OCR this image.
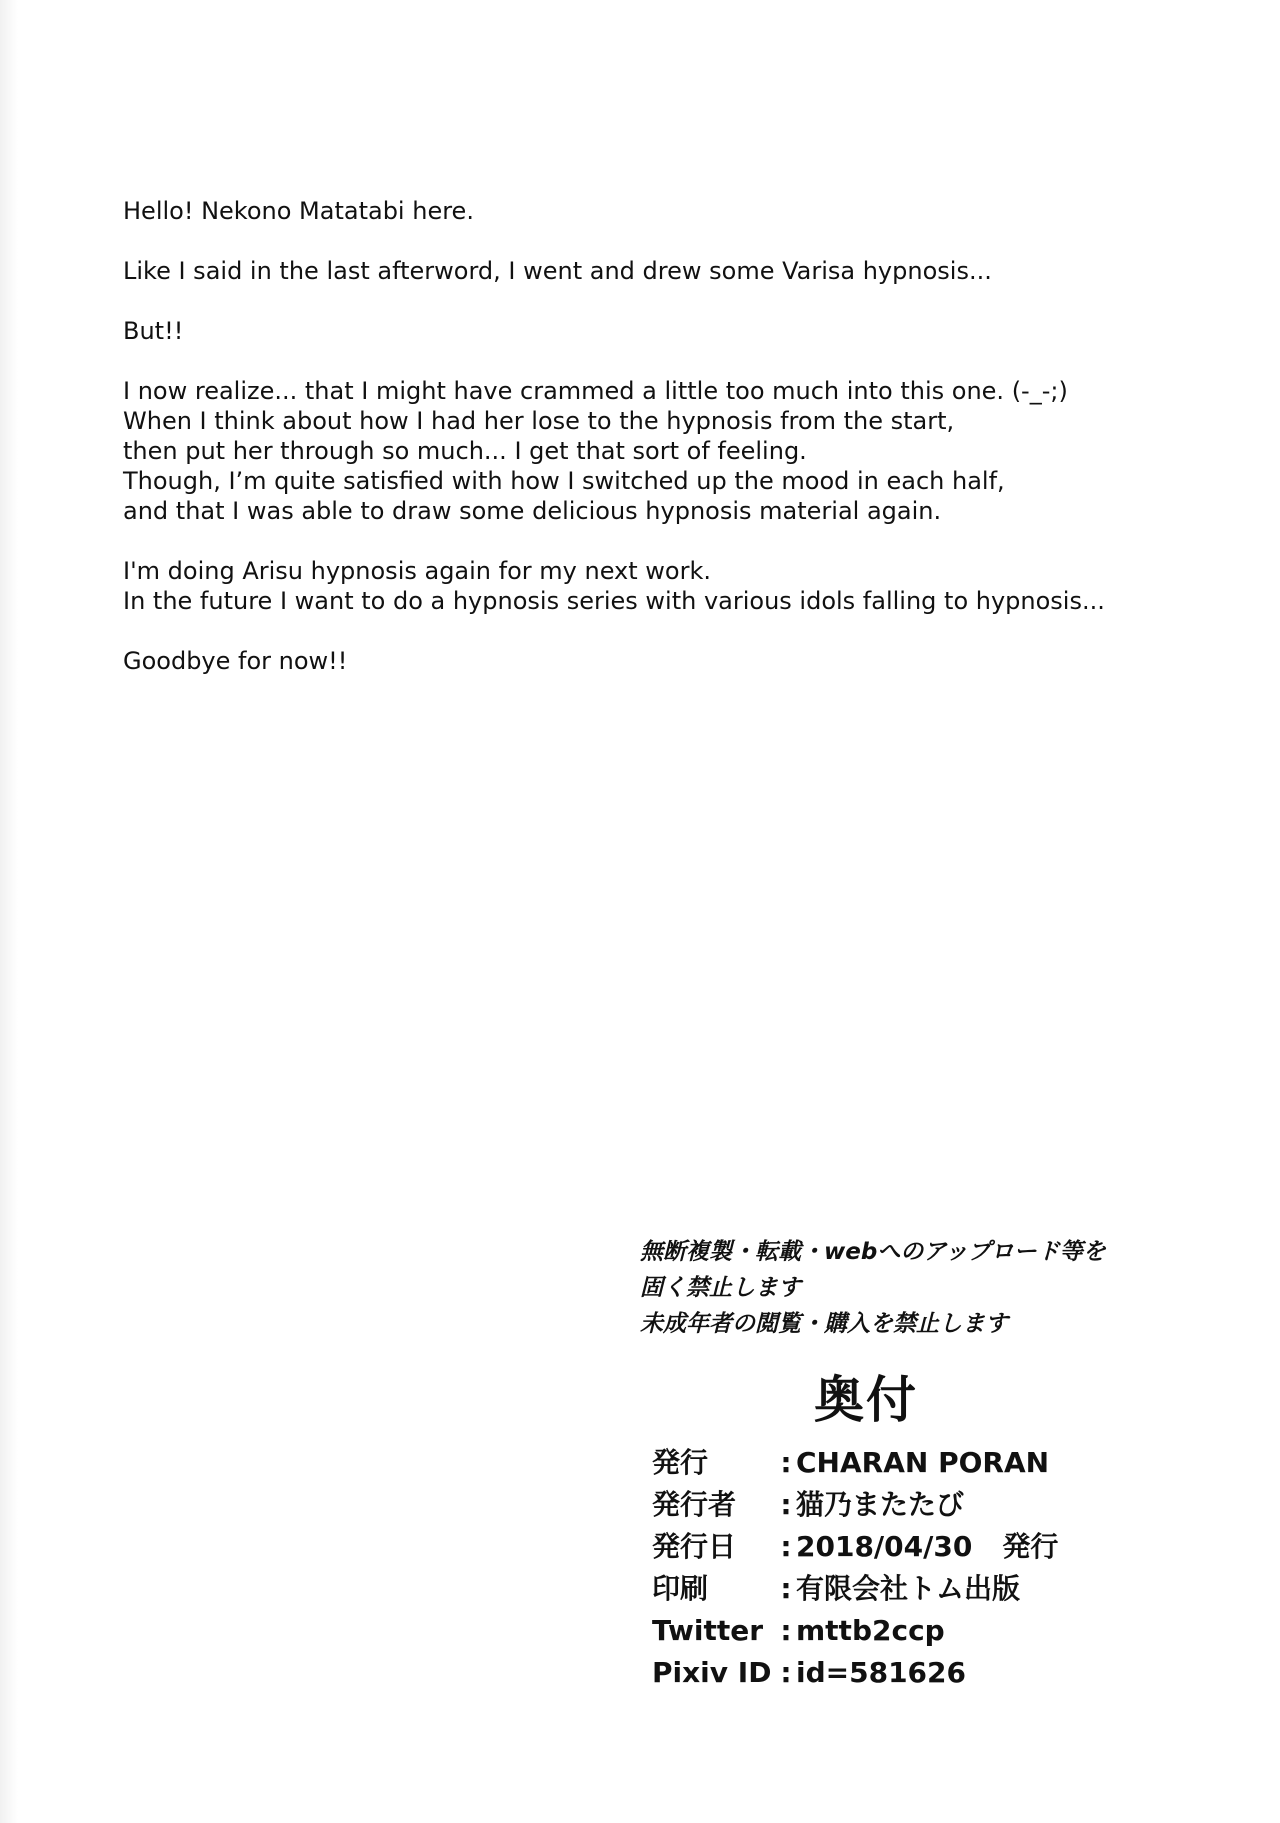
Hello! Nekono Matatabi here.

Like I said in the last afterword, I went and drew some Varisa hypnosis...

But!!

I now realize... that I might have crammed a little too much into this one. (-_-;)
When I think about how I had her lose to the hypnosis from the start,
then put her through so much... I get that sort of feeling.
Though, I’m quite satisfied with how I switched up the mood in each half,
and that I was able to draw some delicious hypnosis material again.

I'm doing Arisu hypnosis again for my next work.
In the future I want to do a hypnosis series with various idols falling to hypnosis...

Goodbye for now!!

無断複製・転載・webへのアップロード等を
固く禁止します
未成年者の閲覧・購入を禁止します
奥付
発行	: CHARAN PORAN
発行者	: 猫乃またたび
発行日	: 2018/04/30 発行
印刷	: 有限会社トム出版
Twitter : mttb2ccp
Pixiv ID : id=581626
